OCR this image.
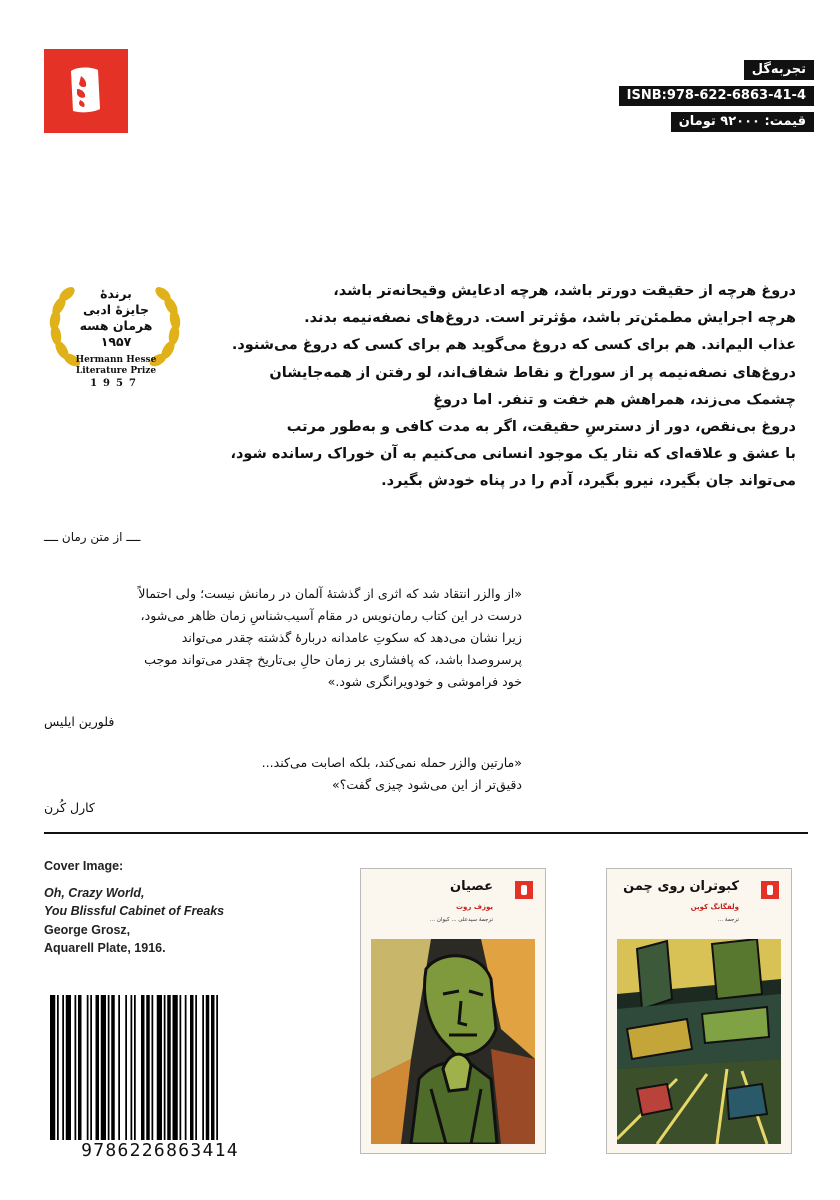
تجربه‌گل
ISNB:978-622-6863-41-4
قیمت: ۹۲۰۰۰ تومان
برندهٔ
جایزهٔ ادبی
هرمان هسه
۱۹۵۷
Hermann Hesse
Literature Prize
1957

دروغ هرچه از حقیقت دورتر باشد، هرچه ادعایش وقیحانه‌تر باشد،

هرچه اجرایش مطمئن‌تر باشد، مؤثرتر است. دروغ‌های نصفه‌نیمه بدند.

عذاب الیم‌اند. هم برای کسی که دروغ می‌گوید هم برای کسی که دروغ می‌شنود.

دروغ‌های نصفه‌نیمه پر از سوراخ و نقاط شفاف‌اند، لو رفتن از همه‌جایشان

چشمک می‌زند، همراهش هم خفت و تنفر. اما دروغِ

دروغ بی‌نقص، دور از دسترسِ حقیقت، اگر به مدت کافی و به‌طور مرتب

با عشق و علاقه‌ای که نثار یک موجود انسانی می‌کنیم به آن خوراک رسانده شود،

می‌تواند جان بگیرد، نیرو بگیرد، آدم را در پناه خودش بگیرد.

ــــ از متن رمان ــــ

«از والزر انتقاد شد که اثری از گذشتهٔ آلمان در رمانش نیست؛ ولی احتمالاً

درست در این کتاب رمان‌نویس در مقام آسیب‌شناسِ زمان ظاهر می‌شود،

زیرا نشان می‌دهد که سکوتِ عامدانه دربارهٔ گذشته چقدر می‌تواند

پرسروصدا باشد، که پافشاری بر زمان حالِ بی‌تاریخ چقدر می‌تواند موجب

خود فراموشی و خودویرانگری شود.»

فلورین ایلیس

«مارتین والزر حمله نمی‌کند، بلکه اصابت می‌کند...

دقیق‌تر از این می‌شود چیزی گفت؟»

کارل کُرن
Cover Image:
Oh, Crazy World,
You Blissful Cabinet of Freaks
George Grosz,
Aquarell Plate, 1916.
9786226863414
عصیان
یوزف روت
ترجمهٔ سیدعلی ... کیوان ...
کبوتران روی چمن
ولفگانگ کوپن
ترجمهٔ ...
